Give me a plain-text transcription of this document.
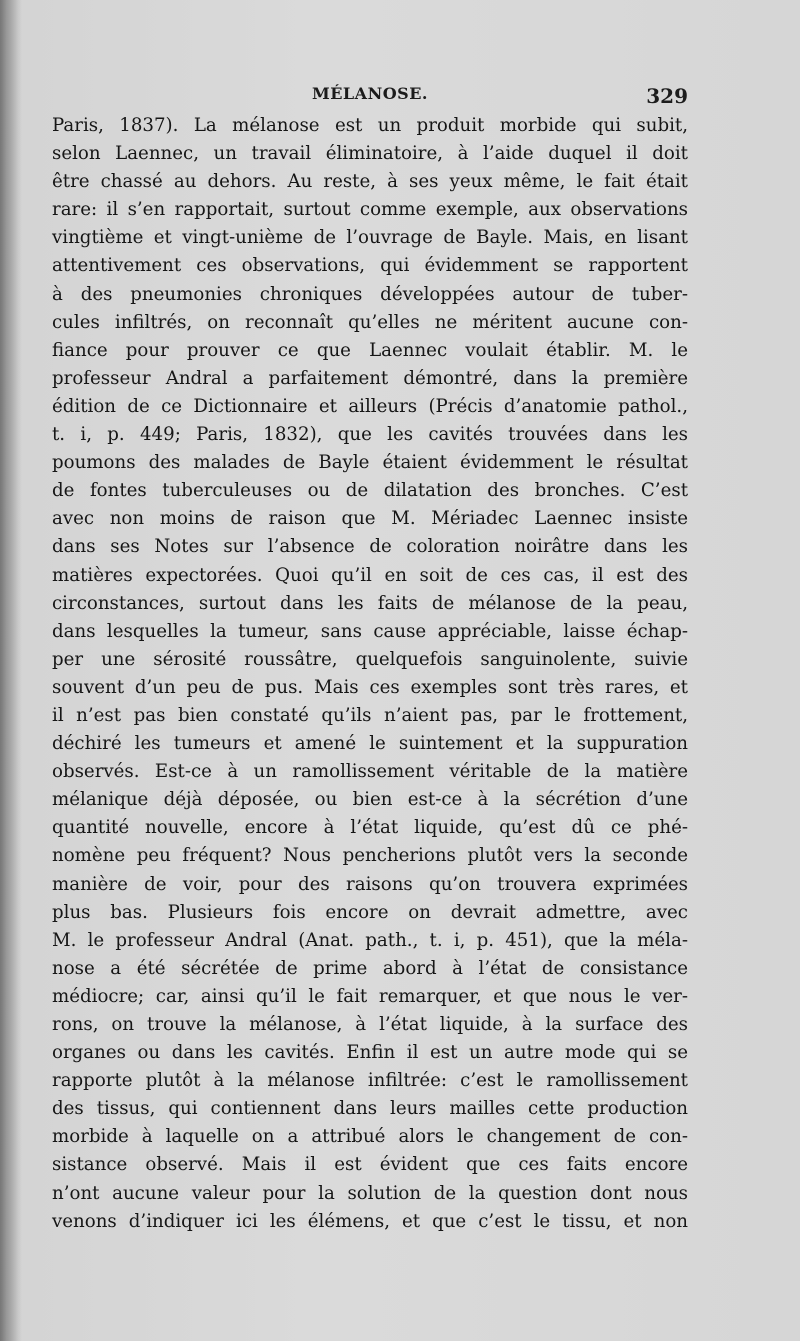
MÉLANOSE.	329
Paris, 1837). La mélanose est un produit morbide qui subit,
selon Laennec, un travail éliminatoire, à l’aide duquel il doit
être chassé au dehors. Au reste, à ses yeux même, le fait était
rare: il s’en rapportait, surtout comme exemple, aux observations
vingtième et vingt-unième de l’ouvrage de Bayle. Mais, en lisant
attentivement ces observations, qui évidemment se rapportent
à des pneumonies chroniques développées autour de tuber-
cules infiltrés, on reconnaît qu’elles ne méritent aucune con-
fiance pour prouver ce que Laennec voulait établir. M. le
professeur Andral a parfaitement démontré, dans la première
édition de ce Dictionnaire et ailleurs (Précis d’anatomie pathol.,
t. i, p. 449; Paris, 1832), que les cavités trouvées dans les
poumons des malades de Bayle étaient évidemment le résultat
de fontes tuberculeuses ou de dilatation des bronches. C’est
avec non moins de raison que M. Mériadec Laennec insiste
dans ses Notes sur l’absence de coloration noirâtre dans les
matières expectorées. Quoi qu’il en soit de ces cas, il est des
circonstances, surtout dans les faits de mélanose de la peau,
dans lesquelles la tumeur, sans cause appréciable, laisse échap-
per une sérosité roussâtre, quelquefois sanguinolente, suivie
souvent d’un peu de pus. Mais ces exemples sont très rares, et
il n’est pas bien constaté qu’ils n’aient pas, par le frottement,
déchiré les tumeurs et amené le suintement et la suppuration
observés. Est-ce à un ramollissement véritable de la matière
mélanique déjà déposée, ou bien est-ce à la sécrétion d’une
quantité nouvelle, encore à l’état liquide, qu’est dû ce phé-
nomène peu fréquent? Nous pencherions plutôt vers la seconde
manière de voir, pour des raisons qu’on trouvera exprimées
plus bas. Plusieurs fois encore on devrait admettre, avec
M. le professeur Andral (Anat. path., t. i, p. 451), que la méla-
nose a été sécrétée de prime abord à l’état de consistance
médiocre; car, ainsi qu’il le fait remarquer, et que nous le ver-
rons, on trouve la mélanose, à l’état liquide, à la surface des
organes ou dans les cavités. Enfin il est un autre mode qui se
rapporte plutôt à la mélanose infiltrée: c’est le ramollissement
des tissus, qui contiennent dans leurs mailles cette production
morbide à laquelle on a attribué alors le changement de con-
sistance observé. Mais il est évident que ces faits encore
n’ont aucune valeur pour la solution de la question dont nous
venons d’indiquer ici les élémens, et que c’est le tissu, et non
